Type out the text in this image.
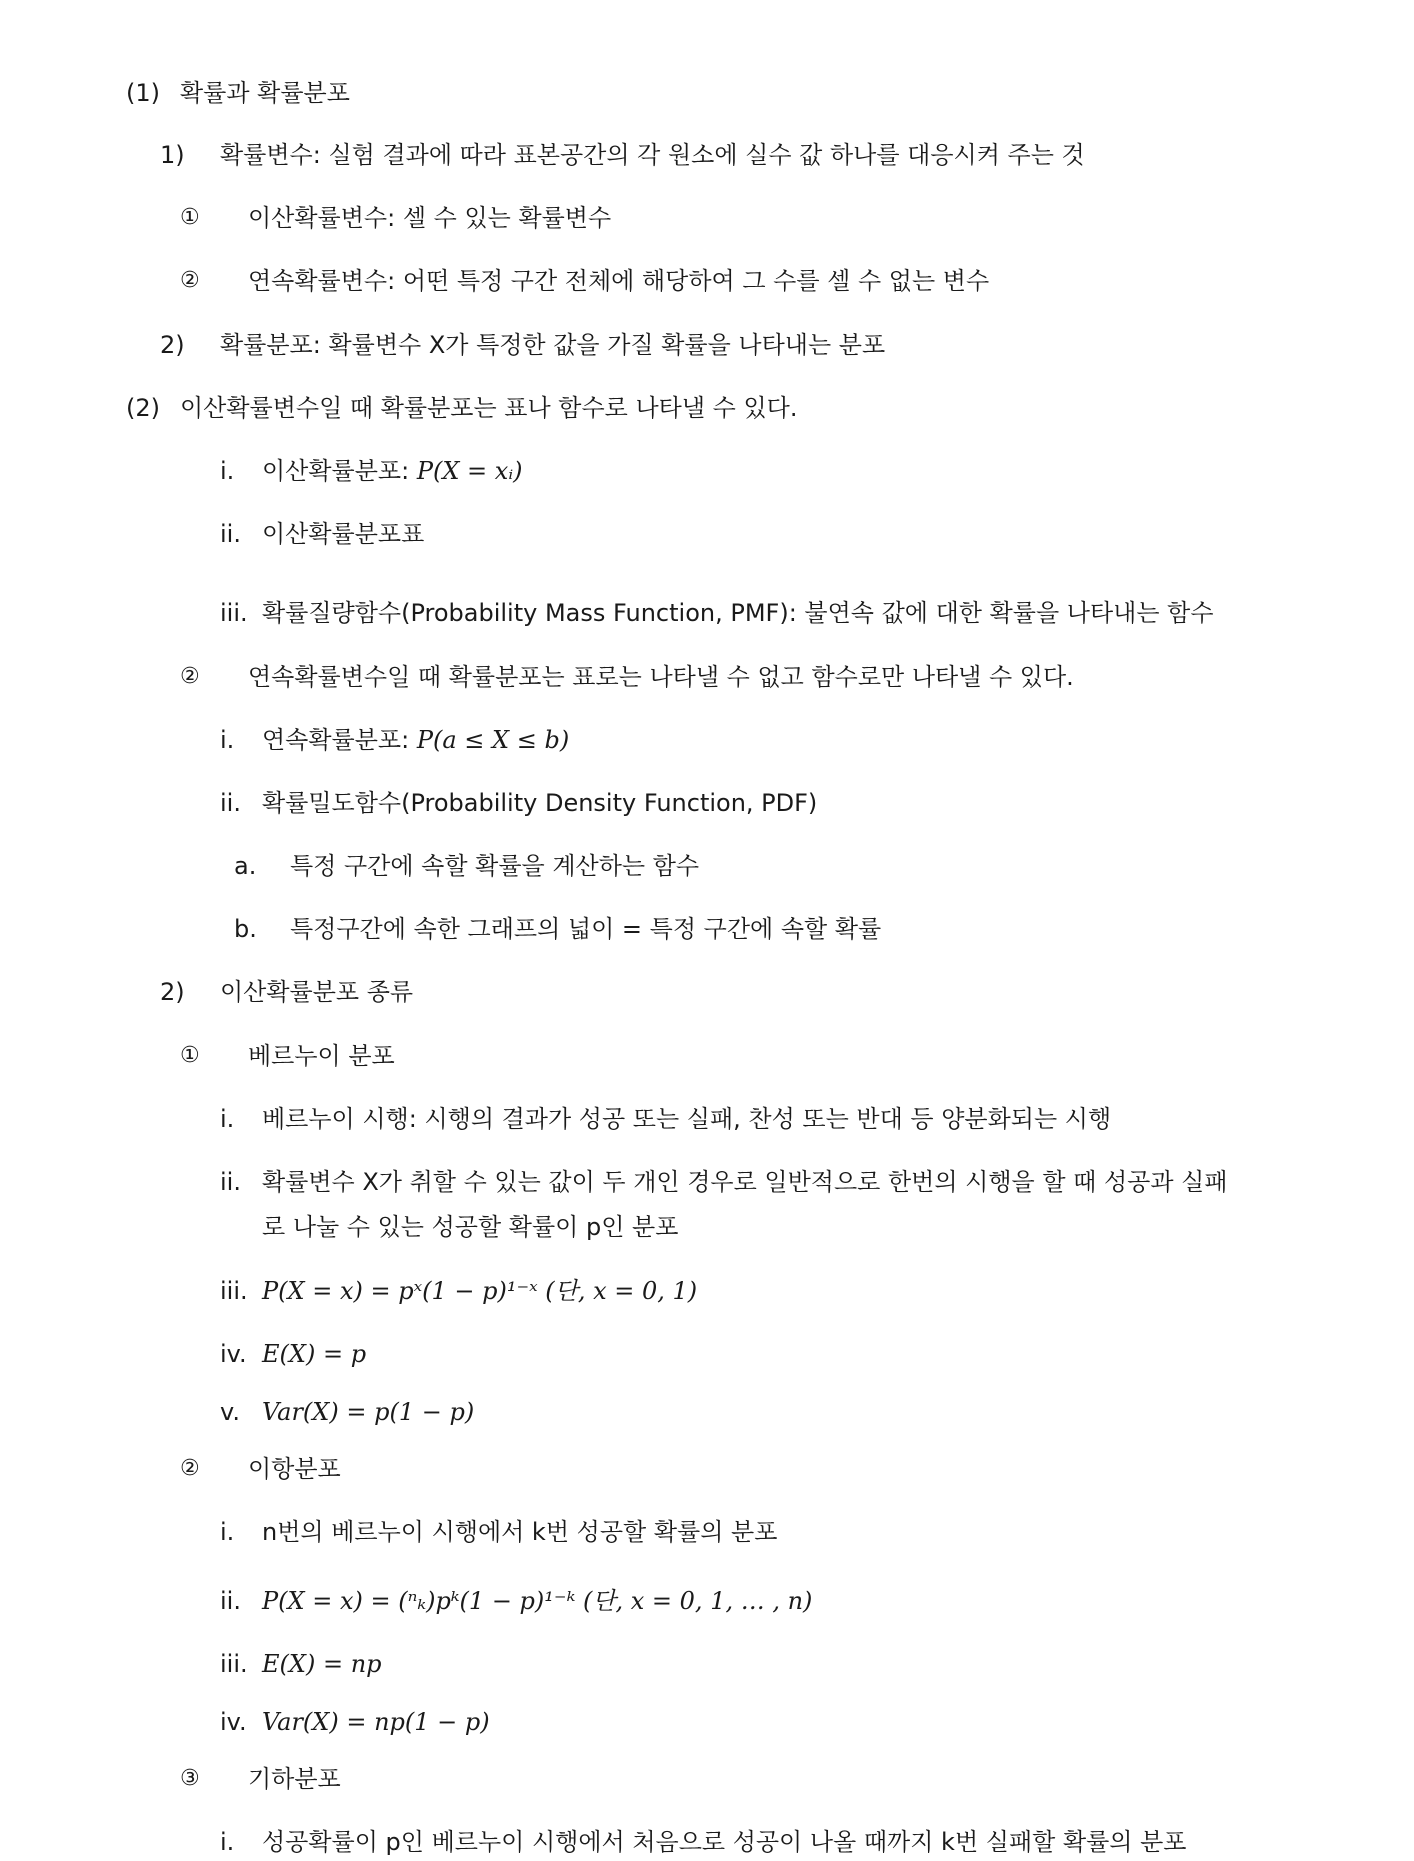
(1) 확률과 확률분포
1) 확률변수: 실험 결과에 따라 표본공간의 각 원소에 실수 값 하나를 대응시켜 주는 것
① 이산확률변수: 셀 수 있는 확률변수
② 연속확률변수: 어떤 특정 구간 전체에 해당하여 그 수를 셀 수 없는 변수
2) 확률분포: 확률변수 X가 특정한 값을 가질 확률을 나타내는 분포
(2) 이산확률변수일 때 확률분포는 표나 함수로 나타낼 수 있다.
i. 이산확률분포: P(X = xᵢ)
ii. 이산확률분포표
iii. 확률질량함수(Probability Mass Function, PMF): 불연속 값에 대한 확률을 나타내는 함수
② 연속확률변수일 때 확률분포는 표로는 나타낼 수 없고 함수로만 나타낼 수 있다.
i. 연속확률분포: P(a ≤ X ≤ b)
ii. 확률밀도함수(Probability Density Function, PDF)
a. 특정 구간에 속할 확률을 계산하는 함수
b. 특정구간에 속한 그래프의 넓이 = 특정 구간에 속할 확률
2) 이산확률분포 종류
① 베르누이 분포
i. 베르누이 시행: 시행의 결과가 성공 또는 실패, 찬성 또는 반대 등 양분화되는 시행
ii. 확률변수 X가 취할 수 있는 값이 두 개인 경우로 일반적으로 한번의 시행을 할 때 성공과 실패
로 나눌 수 있는 성공할 확률이 p인 분포
iii. P(X = x) = pˣ(1 − p)¹⁻ˣ (단, x = 0, 1)
iv. E(X) = p
v. Var(X) = p(1 − p)
② 이항분포
i. n번의 베르누이 시행에서 k번 성공할 확률의 분포
ii. P(X = x) = (ⁿₖ)pᵏ(1 − p)¹⁻ᵏ (단, x = 0, 1, … , n)
iii. E(X) = np
iv. Var(X) = np(1 − p)
③ 기하분포
i. 성공확률이 p인 베르누이 시행에서 처음으로 성공이 나올 때까지 k번 실패할 확률의 분포
